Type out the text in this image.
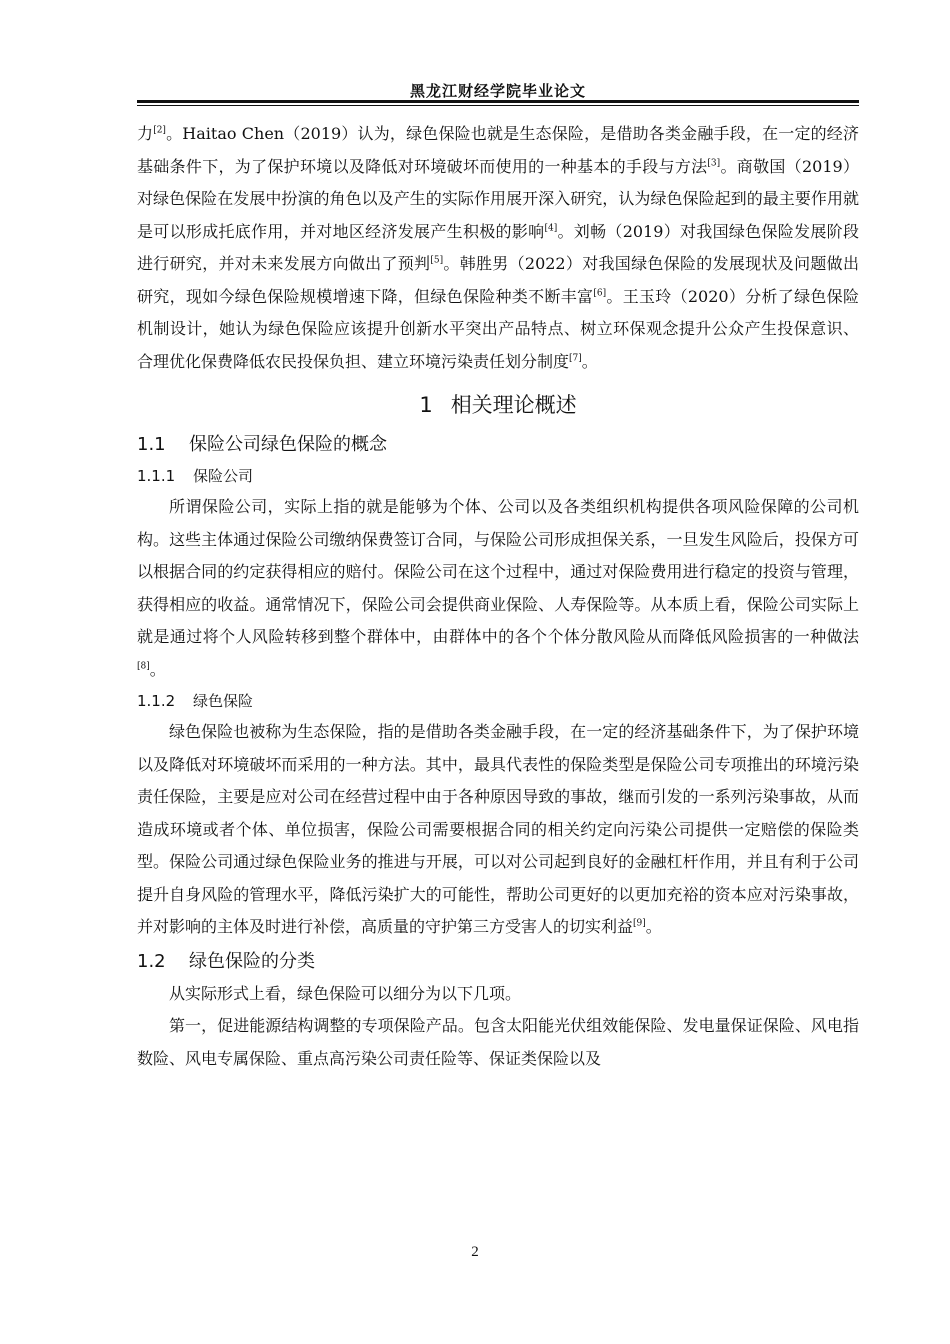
黑龙江财经学院毕业论文

力[2]。Haitao Chen（2019）认为，绿色保险也就是生态保险，是借助各类金融手段，在一定的经济基础条件下，为了保护环境以及降低对环境破坏而使用的一种基本的手段与方法[3]。商敬国（2019）对绿色保险在发展中扮演的角色以及产生的实际作用展开深入研究，认为绿色保险起到的最主要作用就是可以形成托底作用，并对地区经济发展产生积极的影响[4]。刘畅（2019）对我国绿色保险发展阶段进行研究，并对未来发展方向做出了预判[5]。韩胜男（2022）对我国绿色保险的发展现状及问题做出研究，现如今绿色保险规模增速下降，但绿色保险种类不断丰富[6]。王玉玲（2020）分析了绿色保险机制设计，她认为绿色保险应该提升创新水平突出产品特点、树立环保观念提升公众产生投保意识、 合理优化保费降低农民投保负担、建立环境污染责任划分制度[7]。

1 相关理论概述
1.1 保险公司绿色保险的概念
1.1.1 保险公司

所谓保险公司，实际上指的就是能够为个体、公司以及各类组织机构提供各项风险保障的公司机构。这些主体通过保险公司缴纳保费签订合同，与保险公司形成担保关系，一旦发生风险后，投保方可以根据合同的约定获得相应的赔付。保险公司在这个过程中，通过对保险费用进行稳定的投资与管理，获得相应的收益。通常情况下，保险公司会提供商业保险、人寿保险等。从本质上看，保险公司实际上就是通过将个人风险转移到整个群体中，由群体中的各个个体分散风险从而降低风险损害的一种做法[8]。

1.1.2 绿色保险

绿色保险也被称为生态保险，指的是借助各类金融手段，在一定的经济基础条件下，为了保护环境以及降低对环境破坏而采用的一种方法。其中，最具代表性的保险类型是保险公司专项推出的环境污染责任保险，主要是应对公司在经营过程中由于各种原因导致的事故，继而引发的一系列污染事故，从而造成环境或者个体、单位损害，保险公司需要根据合同的相关约定向污染公司提供一定赔偿的保险类型。保险公司通过绿色保险业务的推进与开展，可以对公司起到良好的金融杠杆作用，并且有利于公司提升自身风险的管理水平，降低污染扩大的可能性，帮助公司更好的以更加充裕的资本应对污染事故，并对影响的主体及时进行补偿，高质量的守护第三方受害人的切实利益[9]。

1.2 绿色保险的分类

从实际形式上看，绿色保险可以细分为以下几项。

第一，促进能源结构调整的专项保险产品。包含太阳能光伏组效能保险、发电量保证保险、风电指数险、风电专属保险、重点高污染公司责任险等、保证类保险以及

2
